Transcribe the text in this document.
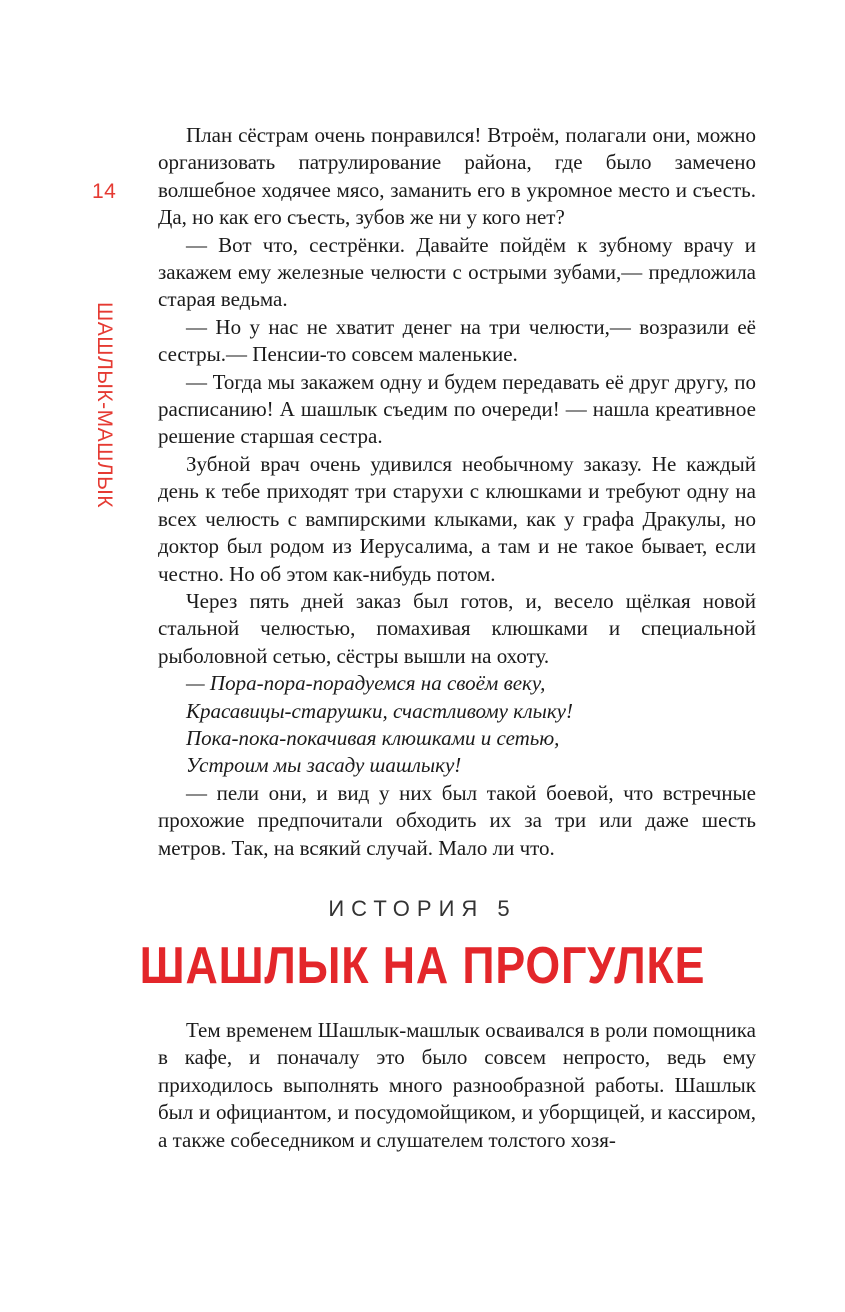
14
ШАШЛЫК-МАШЛЫК

План сёстрам очень понравился! Втроём, полагали они, можно организовать патрулирование района, где было замечено волшебное ходячее мясо, заманить его в укромное место и съесть. Да, но как его съесть, зубов же ни у кого нет?

— Вот что, сестрёнки. Давайте пойдём к зубному врачу и закажем ему железные челюсти с острыми зубами,— предложила старая ведьма.

— Но у нас не хватит денег на три челюсти,— возразили её сестры.— Пенсии-то совсем маленькие.

— Тогда мы закажем одну и будем передавать её друг другу, по расписанию! А шашлык съедим по очереди! — нашла креативное решение старшая сестра.

Зубной врач очень удивился необычному заказу. Не каждый день к тебе приходят три старухи с клюшками и требуют одну на всех челюсть с вампирскими клыками, как у графа Дракулы, но доктор был родом из Иерусалима, а там и не такое бывает, если честно. Но об этом как-нибудь потом.

Через пять дней заказ был готов, и, весело щёлкая новой стальной челюстью, помахивая клюшками и специальной рыболовной сетью, сёстры вышли на охоту.

— Пора-пора-порадуемся на своём веку,

Красавицы-старушки, счастливому клыку!

Пока-пока-покачивая клюшками и сетью,

Устроим мы засаду шашлыку!

— пели они, и вид у них был такой боевой, что встречные прохожие предпочитали обходить их за три или даже шесть метров. Так, на всякий случай. Мало ли что.

ИСТОРИЯ 5
ШАШЛЫК НА ПРОГУЛКЕ

Тем временем Шашлык-машлык осваивался в роли помощника в кафе, и поначалу это было совсем непросто, ведь ему приходилось выполнять много разнообразной работы. Шашлык был и официантом, и посудомойщиком, и уборщицей, и кассиром, а также собеседником и слушателем толстого хозя-
